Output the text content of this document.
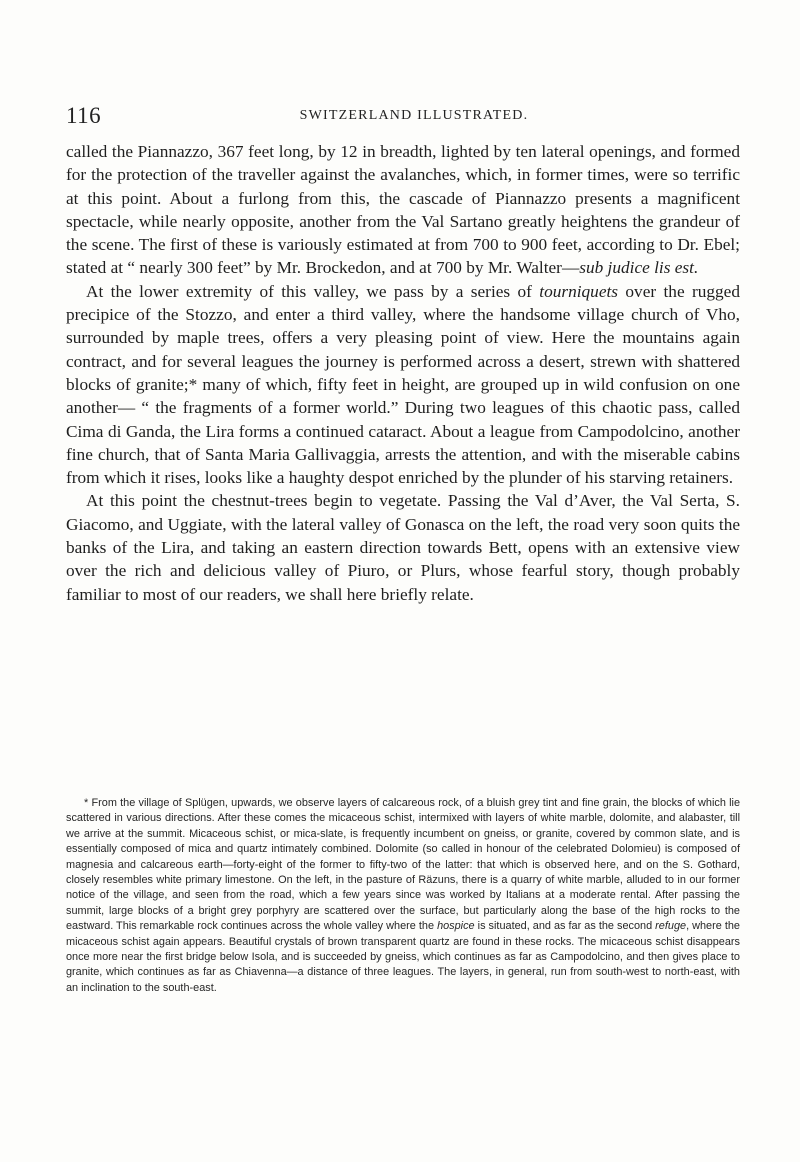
116	SWITZERLAND ILLUSTRATED.

called the Piannazzo, 367 feet long, by 12 in breadth, lighted by ten lateral openings, and formed for the protection of the traveller against the avalanches, which, in former times, were so terrific at this point. About a furlong from this, the cascade of Piannazzo presents a magnificent spectacle, while nearly opposite, another from the Val Sartano greatly heightens the grandeur of the scene. The first of these is variously estimated at from 700 to 900 feet, according to Dr. Ebel; stated at “ nearly 300 feet” by Mr. Brockedon, and at 700 by Mr. Walter—sub judice lis est.

At the lower extremity of this valley, we pass by a series of tourniquets over the rugged precipice of the Stozzo, and enter a third valley, where the handsome village church of Vho, surrounded by maple trees, offers a very pleasing point of view. Here the mountains again contract, and for several leagues the journey is performed across a desert, strewn with shattered blocks of granite;* many of which, fifty feet in height, are grouped up in wild confusion on one another— “ the fragments of a former world.” During two leagues of this chaotic pass, called Cima di Ganda, the Lira forms a continued cataract. About a league from Campodolcino, another fine church, that of Santa Maria Gallivaggia, arrests the attention, and with the miserable cabins from which it rises, looks like a haughty despot enriched by the plunder of his starving retainers.

At this point the chestnut-trees begin to vegetate. Passing the Val d’Aver, the Val Serta, S. Giacomo, and Uggiate, with the lateral valley of Gonasca on the left, the road very soon quits the banks of the Lira, and taking an eastern direction towards Bett, opens with an extensive view over the rich and delicious valley of Piuro, or Plurs, whose fearful story, though probably familiar to most of our readers, we shall here briefly relate.

* From the village of Splügen, upwards, we observe layers of calcareous rock, of a bluish grey tint and fine grain, the blocks of which lie scattered in various directions. After these comes the micaceous schist, intermixed with layers of white marble, dolomite, and alabaster, till we arrive at the summit. Micaceous schist, or mica-slate, is frequently incumbent on gneiss, or granite, covered by common slate, and is essentially composed of mica and quartz intimately combined. Dolomite (so called in honour of the celebrated Dolomieu) is composed of magnesia and calcareous earth—forty-eight of the former to fifty-two of the latter: that which is observed here, and on the S. Gothard, closely resembles white primary limestone. On the left, in the pasture of Räzuns, there is a quarry of white marble, alluded to in our former notice of the village, and seen from the road, which a few years since was worked by Italians at a moderate rental. After passing the summit, large blocks of a bright grey porphyry are scattered over the surface, but particularly along the base of the high rocks to the eastward. This remarkable rock continues across the whole valley where the hospice is situated, and as far as the second refuge, where the micaceous schist again appears. Beautiful crystals of brown transparent quartz are found in these rocks. The micaceous schist disappears once more near the first bridge below Isola, and is succeeded by gneiss, which continues as far as Campodolcino, and then gives place to granite, which continues as far as Chiavenna—a distance of three leagues. The layers, in general, run from south-west to north-east, with an inclination to the south-east.
